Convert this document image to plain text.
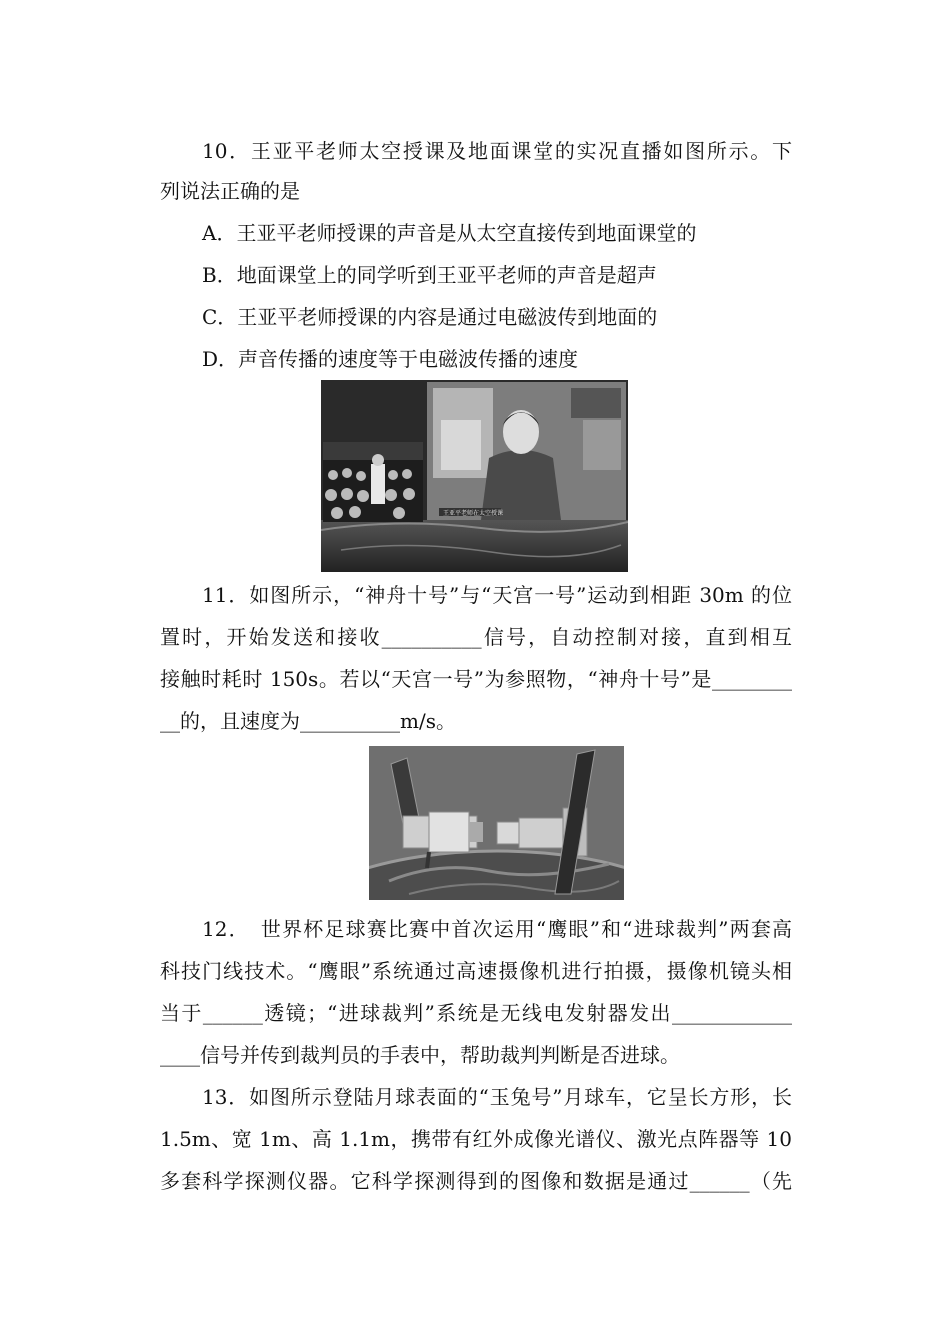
10．王亚平老师太空授课及地面课堂的实况直播如图所示。下
列说法正确的是
A．王亚平老师授课的声音是从太空直接传到地面课堂的
B．地面课堂上的同学听到王亚平老师的声音是超声
C．王亚平老师授课的内容是通过电磁波传到地面的
D．声音传播的速度等于电磁波传播的速度
王亚平老师在太空授课
11．如图所示，“神舟十号”与“天宫一号”运动到相距 30m 的位
置时，开始发送和接收__________信号，自动控制对接，直到相互
接触时耗时 150s。若以“天宫一号”为参照物，“神舟十号”是________
__的，且速度为__________m/s。
12．　世界杯足球赛比赛中首次运用“鹰眼”和“进球裁判”两套高
科技门线技术。“鹰眼”系统通过高速摄像机进行拍摄，摄像机镜头相
当于______透镜；“进球裁判”系统是无线电发射器发出____________
____信号并传到裁判员的手表中，帮助裁判判断是否进球。
13．如图所示登陆月球表面的“玉兔号”月球车，它呈长方形，长
1.5m、宽 1m、高 1.1m，携带有红外成像光谱仪、激光点阵器等 10
多套科学探测仪器。它科学探测得到的图像和数据是通过______（先
